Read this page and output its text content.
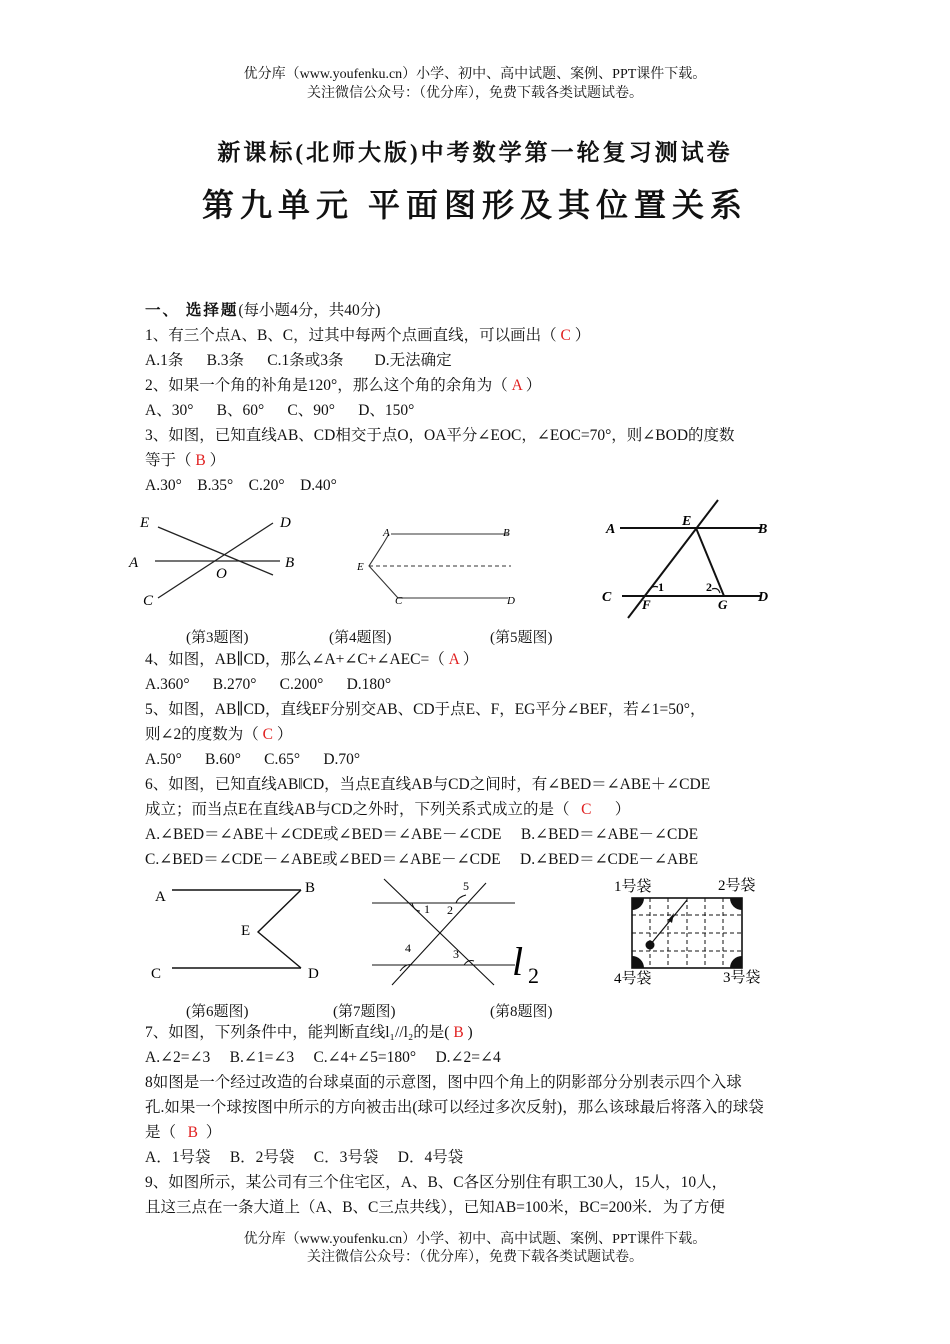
优分库（www.youfenku.cn）小学、初中、高中试题、案例、PPT课件下载。
关注微信公众号：（优分库），免费下载各类试题试卷。
新课标(北师大版)中考数学第一轮复习测试卷
第九单元 平面图形及其位置关系
一、 选择题(每小题4分，共40分)
1、有三个点A、B、C，过其中每两个点画直线，可以画出（ C ）
A.1条      B.3条      C.1条或3条        D.无法确定
2、如果一个角的补角是120°，那么这个角的余角为（ A ）
A、30°      B、60°      C、90°      D、150°
3、如图，已知直线AB、CD相交于点O，OA平分∠EOC，∠EOC=70°，则∠BOD的度数
等于（ B ）
A.30°    B.35°    C.20°    D.40°
E	D
A
O
B
C
A	B
E
C	D
A
E
B
C F	G D
1	2
(第3题图)	(第4题图)	(第5题图)
4、如图，AB∥CD，那么∠A+∠C+∠AEC=（ A ）
A.360°      B.270°      C.200°      D.180°
5、如图，AB∥CD，直线EF分别交AB、CD于点E、F，EG平分∠BEF，若∠1=50°，
则∠2的度数为（ C ）
A.50°      B.60°      C.65°      D.70°
6、如图，已知直线AB‖CD，当点E直线AB与CD之间时，有∠BED＝∠ABE＋∠CDE
成立；而当点E在直线AB与CD之外时，下列关系式成立的是（   C      ）
A.∠BED＝∠ABE＋∠CDE或∠BED＝∠ABE－∠CDE     B.∠BED＝∠ABE－∠CDE
C.∠BED＝∠CDE－∠ABE或∠BED＝∠ABE－∠CDE     D.∠BED＝∠CDE－∠ABE
A
B
E
C	D
1 2
3
4
5
l 2
1号袋	2号袋
4号袋	3号袋
(第6题图)	(第7题图)	(第8题图)
7、如图，下列条件中，能判断直线l₁//l₂的是( B )
A.∠2=∠3     B.∠1=∠3     C.∠4+∠5=180°     D.∠2=∠4
8如图是一个经过改造的台球桌面的示意图，图中四个角上的阴影部分分别表示四个入球
孔.如果一个球按图中所示的方向被击出(球可以经过多次反射)，那么该球最后将落入的球袋
是（   B  ）
A．1号袋     B．2号袋     C．3号袋     D．4号袋
9、如图所示，某公司有三个住宅区，A、B、C各区分别住有职工30人，15人，10人，
且这三点在一条大道上（A、B、C三点共线），已知AB=100米，BC=200米．为了方便
优分库（www.youfenku.cn）小学、初中、高中试题、案例、PPT课件下载。
关注微信公众号：（优分库），免费下载各类试题试卷。
